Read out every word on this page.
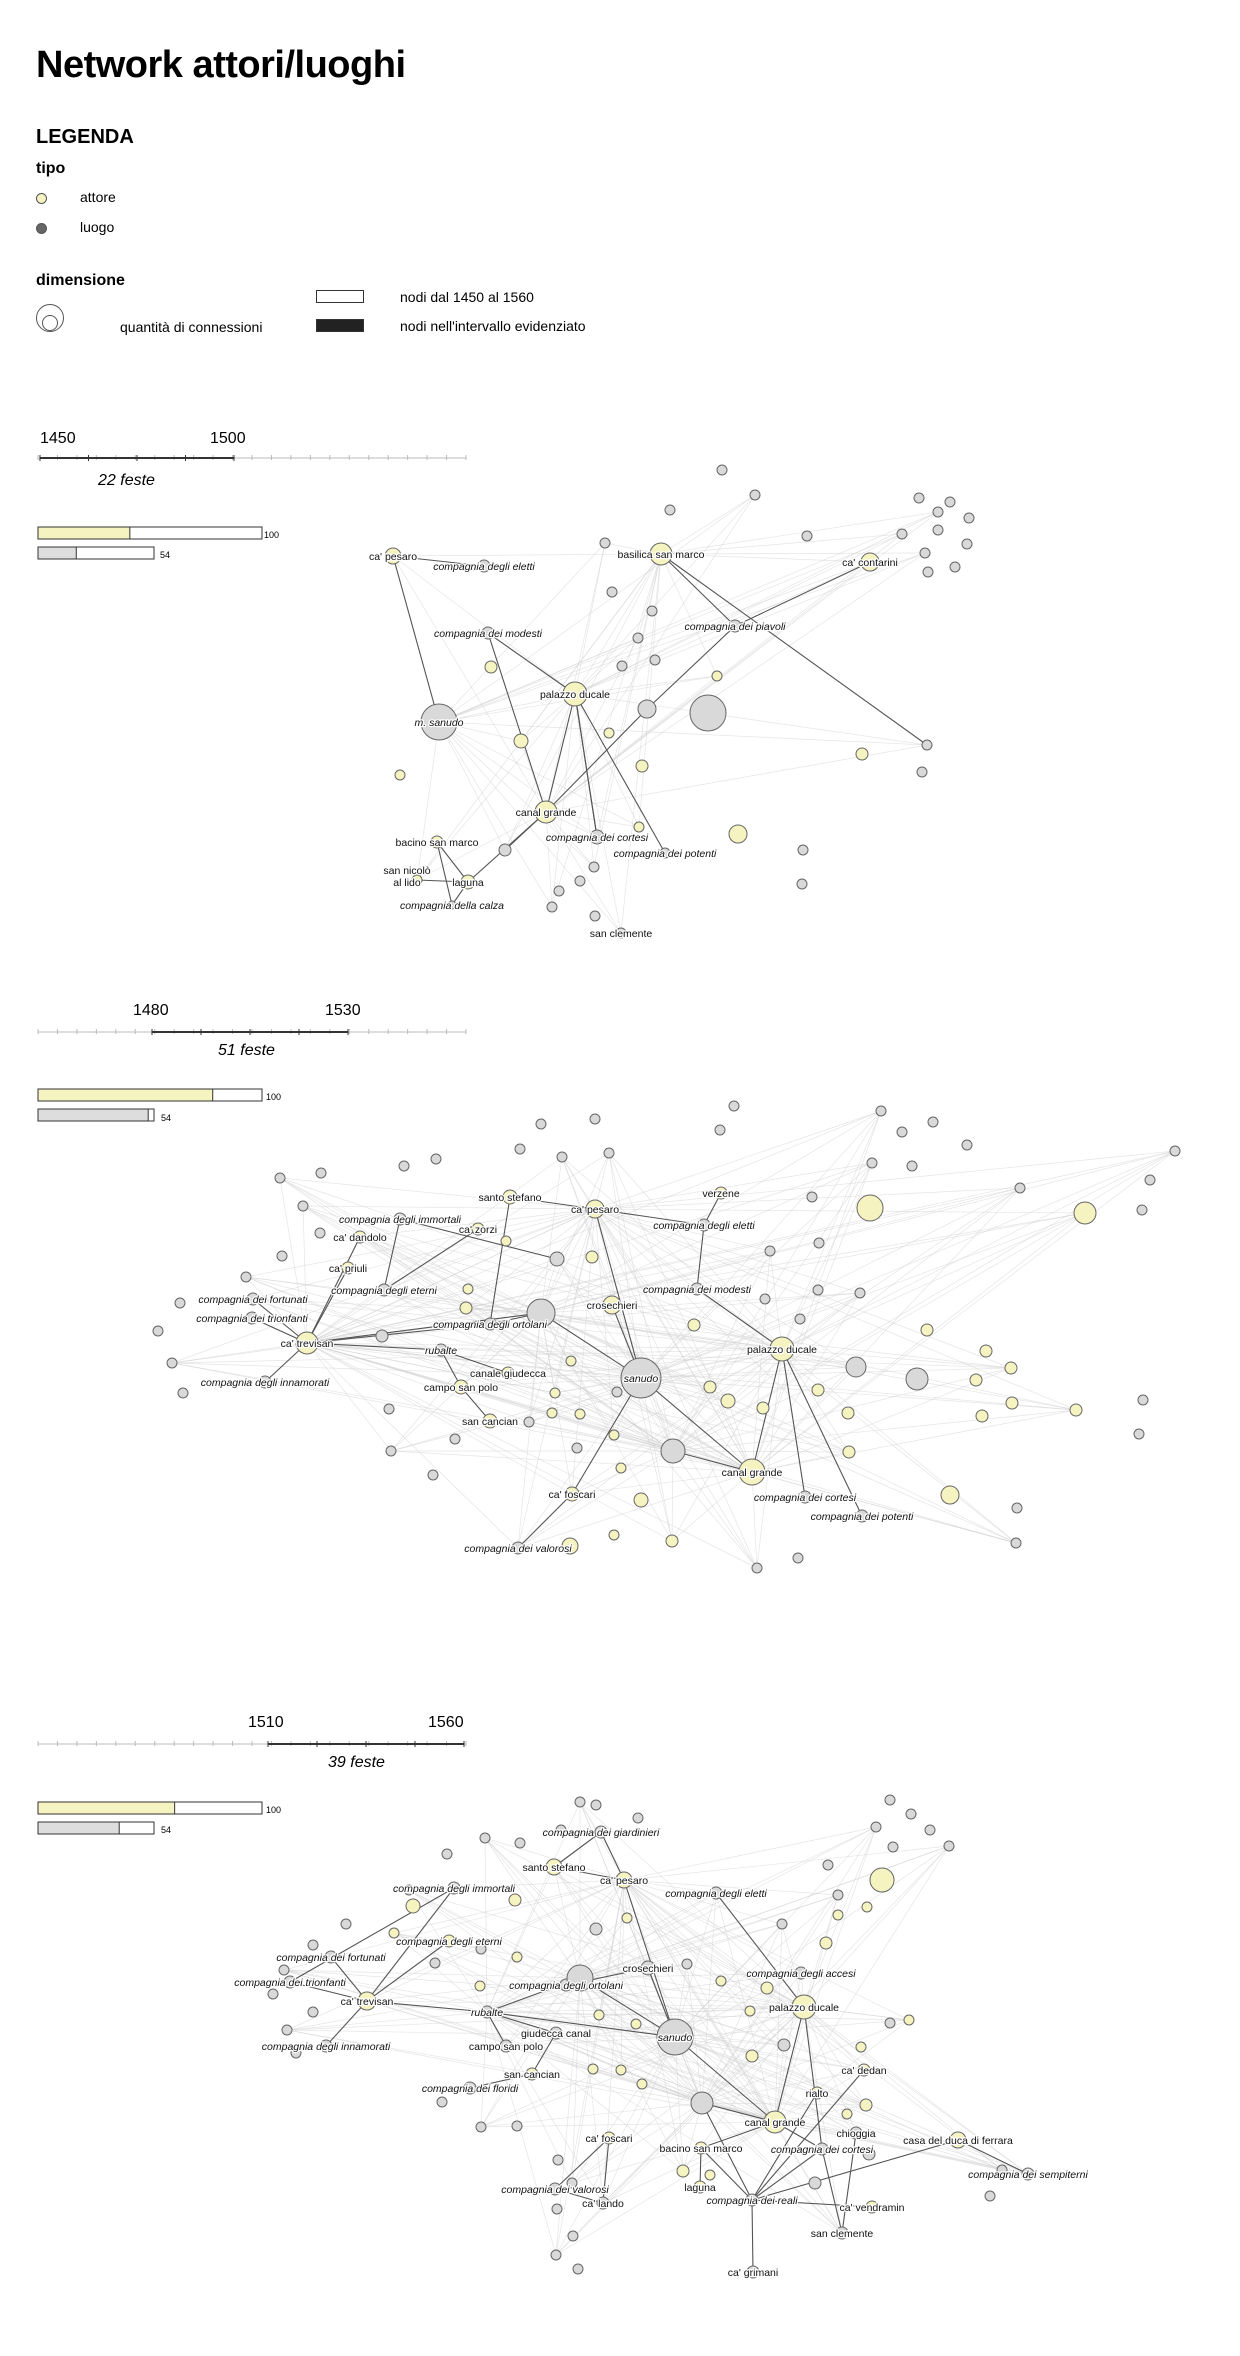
Network attori/luoghi
LEGENDA
tipo
attore
luogo
dimensione
quantità di connessioni
nodi dal 1450 al 1560
nodi nell'intervallo evidenziato
1450	1500
22 feste
1480	1530
51 feste
1510	1560
39 feste
100
54
100
54
100
54
ca' pesaro
compagnia degli eletti
basilica san marco
ca' contarini
compagnia dei modesti
compagnia dei piavoli
palazzo ducale
m. sanudo
canal grande
compagnia dei cortesi
compagnia dei potenti
bacino san marco
san nicolò al lido	laguna
compagnia della calza
san clemente
verzene
santo stefano
ca' pesaro
compagnia degli immortali	compagnia degli eletti
ca' dandolo
ca' zorzi
ca' priuli
compagnia degli eterni	compagnia dei modesti
crosechieri
compagnia dei fortunati
compagnia dei trionfanti	compagnia degli ortolani
ca' trevisan
rubalte
canale giudecca	sanudo
palazzo ducale
compagnia degli innamorati	campo san polo
san cancian
canal grande
ca' foscari	compagnia dei cortesi
compagnia dei potenti
compagnia dei valorosi
compagnia dei giardinieri
santo stefano
ca' pesaro
compagnia degli immortali	compagnia degli eletti
compagnia degli eterni
compagnia dei fortunati
compagnia degli accesi
compagnia dei trionfanti
crosechieri
ca' trevisan
compagnia degli ortolani
palazzo ducale
rubalte
giudecca canal	sanudo
campo san polo
compagnia degli innamorati
san cancian	ca' dedan
compagnia dei floridi	rialto
canal grande
ca' foscari
bacino san marco
chioggia
casa del duca di ferrara
compagnia dei cortesi
compagnia dei sempiterni
compagnia dei valorosi	laguna
ca' lando	compagnia dei reali
ca' vendramin
san clemente
ca' grimani
